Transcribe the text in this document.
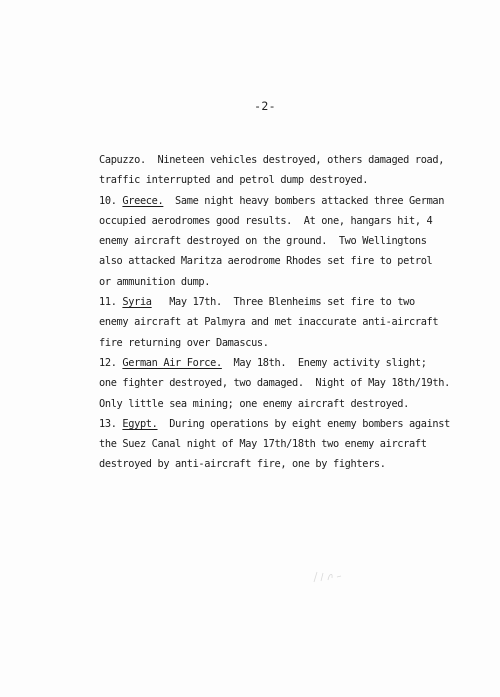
-2-
Capuzzo.  Nineteen vehicles destroyed, others damaged road,
traffic interrupted and petrol dump destroyed.
10. Greece.  Same night heavy bombers attacked three German
occupied aerodromes good results.  At one, hangars hit, 4
enemy aircraft destroyed on the ground.  Two Wellingtons
also attacked Maritza aerodrome Rhodes set fire to petrol
or ammunition dump.
11. Syria   May 17th.  Three Blenheims set fire to two
enemy aircraft at Palmyra and met inaccurate anti-aircraft
fire returning over Damascus.
12. German Air Force.  May 18th.  Enemy activity slight;
one fighter destroyed, two damaged.  Night of May 18th/19th.
Only little sea mining; one enemy aircraft destroyed.
13. Egypt.  During operations by eight enemy bombers against
the Suez Canal night of May 17th/18th two enemy aircraft
destroyed by anti-aircraft fire, one by fighters.
